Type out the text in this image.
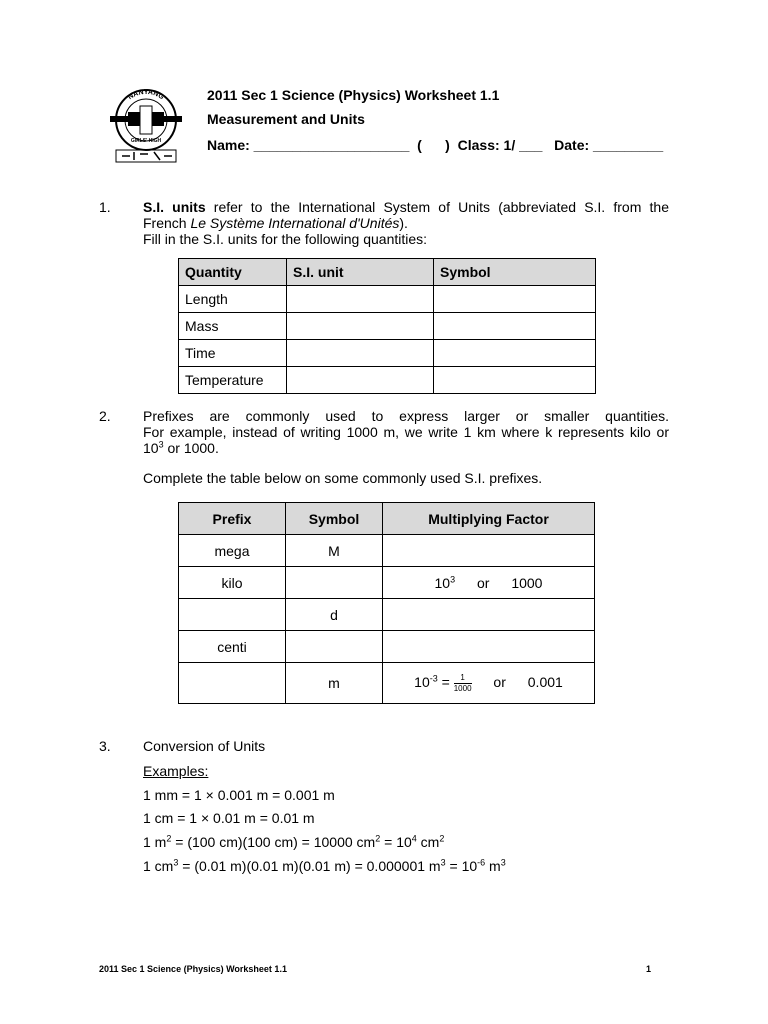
NANYANG
GIRLS' HIGH
2011 Sec 1 Science (Physics) Worksheet 1.1
Measurement and Units
Name: ____________________  (      )  Class: 1/ ___   Date: _________
1. S.I. units refer to the International System of Units (abbreviated S.I. from the
French Le Système International d'Unités).
Fill in the S.I. units for the following quantities:
Quantity	S.I. unit	Symbol
Length		
Mass		
Time		
Temperature		
2. Prefixes are commonly used to express larger or smaller quantities.
For example, instead of writing 1000 m, we write 1 km where k represents kilo or
$10^3$ or 1000.
Complete the table below on some commonly used S.I. prefixes.
Prefix	Symbol	Multiplying Factor
mega	M	
kilo		$10^3$ or 1000
	d	
centi		
	m	$10^{-3} = \frac{1}{1000}$ or 0.001
3. Conversion of Units
Examples:
1 mm = 1 × 0.001 m = 0.001 m
1 cm = 1 × 0.01 m = 0.01 m
1 $m^2 = (100$ cm)(100 cm) = 10000 $cm^2 = 10^4$ $cm^2$
1 $cm^3 = (0.01$ m)(0.01 m)(0.01 m) = 0.000001 $m^3 = 10^{-6}$ $m^3$
2011 Sec 1 Science (Physics) Worksheet 1.1	1
